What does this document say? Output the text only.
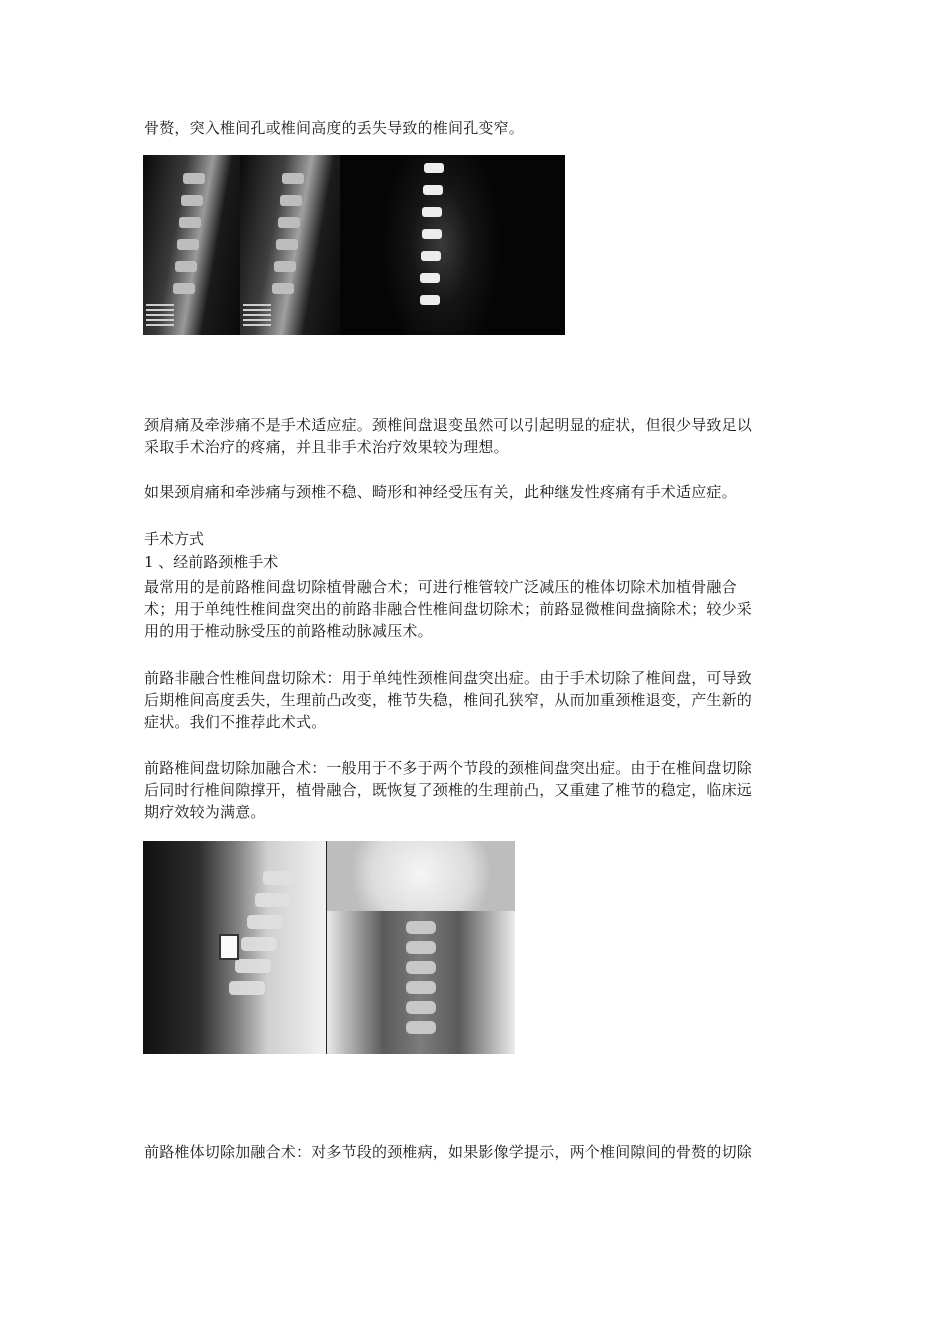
骨赘，突入椎间孔或椎间高度的丢失导致的椎间孔变窄。

颈肩痛及牵涉痛不是手术适应症。颈椎间盘退变虽然可以引起明显的症状，但很少导致足以
采取手术治疗的疼痛，并且非手术治疗效果较为理想。

如果颈肩痛和牵涉痛与颈椎不稳、畸形和神经受压有关，此种继发性疼痛有手术适应症。

手术方式
1 、经前路颈椎手术

最常用的是前路椎间盘切除植骨融合术；可进行椎管较广泛减压的椎体切除术加植骨融合
术；用于单纯性椎间盘突出的前路非融合性椎间盘切除术；前路显微椎间盘摘除术；较少采
用的用于椎动脉受压的前路椎动脉减压术。

前路非融合性椎间盘切除术：用于单纯性颈椎间盘突出症。由于手术切除了椎间盘，可导致
后期椎间高度丢失，生理前凸改变，椎节失稳，椎间孔狭窄，从而加重颈椎退变，产生新的
症状。我们不推荐此术式。

前路椎间盘切除加融合术：一般用于不多于两个节段的颈椎间盘突出症。由于在椎间盘切除
后同时行椎间隙撑开，植骨融合，既恢复了颈椎的生理前凸，又重建了椎节的稳定，临床远
期疗效较为满意。

前路椎体切除加融合术：对多节段的颈椎病，如果影像学提示，两个椎间隙间的骨赘的切除
